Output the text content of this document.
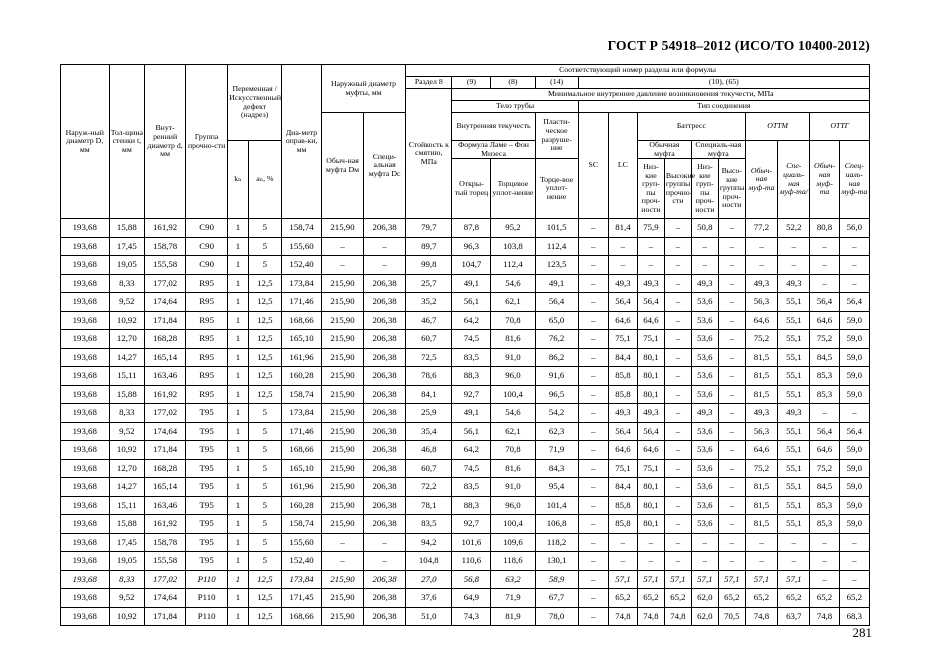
ГОСТ Р 54918–2012 (ИСО/ТО 10400-2012)
Наруж-ный диаметр D, мм	Тол-щина стенки t, мм	Внут-ренний диаметр d, мм	Группа прочно-сти	Переменная /Искусственный дефект (надрез)		Диа-метр оправ-ки, мм	Наружный диаметр муфты, мм		Соответствующий номер раздела или формулы													
									Раздел 8	(9)	(8)	(14)	(10), (65)									
									Стойкость к смятию, МПа	Минимальное внутреннее давление возникновения текучести, МПа												
										Тело трубы			Тип соединения									
							Обыч-ная муфта Dм	Специ-альная муфта Dс		Внутренняя текучесть		Пласти-ческое разруше-ние	SC	LC	Баттресс				ОТТМ		ОТТГ	
				kₙ	aₙ, %					Формула Ламе – Фон Мизеса					Обычная муфта		Специаль-ная муфта		Обыч-ная муф-та	Спе-циаль-ная муф-та/	Обыч-ная муф-та	Спец-иаль-ная муф-та
										Откры-тый торец	Торцевое уплот-нение	Торце-вое уплот-нение			Низ-кие груп-пы проч-ности	Высокие группы прочно-сти	Низ-кие груп-пы проч-ности	Высо-кие группы проч-ности				
193,68	15,88	161,92	C90	1	5	158,74	215,90	206,38	79,7	87,8	95,2	101,5	–	81,4	75,9	–	50,8	–	77,2	52,2	80,8	56,0
193,68	17,45	158,78	C90	1	5	155,60	–	–	89,7	96,3	103,8	112,4	–	–	–	–	–	–	–	–	–	–
193,68	19,05	155,58	C90	1	5	152,40	–	–	99,8	104,7	112,4	123,5	–	–	–	–	–	–	–	–	–	–
193,68	8,33	177,02	R95	1	12,5	173,84	215,90	206,38	25,7	49,1	54,6	49,1	–	49,3	49,3	–	49,3	–	49,3	49,3	–	–
193,68	9,52	174,64	R95	1	12,5	171,46	215,90	206,38	35,2	56,1	62,1	56,4	–	56,4	56,4	–	53,6	–	56,3	55,1	56,4	56,4
193,68	10,92	171,84	R95	1	12,5	168,66	215,90	206,38	46,7	64,2	70,8	65,0	–	64,6	64,6	–	53,6	–	64,6	55,1	64,6	59,0
193,68	12,70	168,28	R95	1	12,5	165,10	215,90	206,38	60,7	74,5	81,6	76,2	–	75,1	75,1	–	53,6	–	75,2	55,1	75,2	59,0
193,68	14,27	165,14	R95	1	12,5	161,96	215,90	206,38	72,5	83,5	91,0	86,2	–	84,4	80,1	–	53,6	–	81,5	55,1	84,5	59,0
193,68	15,11	163,46	R95	1	12,5	160,28	215,90	206,38	78,6	88,3	96,0	91,6	–	85,8	80,1	–	53,6	–	81,5	55,1	85,3	59,0
193,68	15,88	161,92	R95	1	12,5	158,74	215,90	206,38	84,1	92,7	100,4	96,5	–	85,8	80,1	–	53,6	–	81,5	55,1	85,3	59,0
193,68	8,33	177,02	T95	1	5	173,84	215,90	206,38	25,9	49,1	54,6	54,2	–	49,3	49,3	–	49,3	–	49,3	49,3	–	–
193,68	9,52	174,64	T95	1	5	171,46	215,90	206,38	35,4	56,1	62,1	62,3	–	56,4	56,4	–	53,6	–	56,3	55,1	56,4	56,4
193,68	10,92	171,84	T95	1	5	168,66	215,90	206,38	46,8	64,2	70,8	71,9	–	64,6	64,6	–	53,6	–	64,6	55,1	64,6	59,0
193,68	12,70	168,28	T95	1	5	165,10	215,90	206,38	60,7	74,5	81,6	84,3	–	75,1	75,1	–	53,6	–	75,2	55,1	75,2	59,0
193,68	14,27	165,14	T95	1	5	161,96	215,90	206,38	72,2	83,5	91,0	95,4	–	84,4	80,1	–	53,6	–	81,5	55,1	84,5	59,0
193,68	15,11	163,46	T95	1	5	160,28	215,90	206,38	78,1	88,3	96,0	101,4	–	85,8	80,1	–	53,6	–	81,5	55,1	85,3	59,0
193,68	15,88	161,92	T95	1	5	158,74	215,90	206,38	83,5	92,7	100,4	106,8	–	85,8	80,1	–	53,6	–	81,5	55,1	85,3	59,0
193,68	17,45	158,78	T95	1	5	155,60	–	–	94,2	101,6	109,6	118,2	–	–	–	–	–	–	–	–	–	–
193,68	19,05	155,58	T95	1	5	152,40	–	–	104,8	110,6	118,6	130,1	–	–	–	–	–	–	–	–	–	–
193,68	8,33	177,02	P110	1	12,5	173,84	215,90	206,38	27,0	56,8	63,2	58,9	–	57,1	57,1	57,1	57,1	57,1	57,1	57,1	–	–
193,68	9,52	174,64	P110	1	12,5	171,45	215,90	206,38	37,6	64,9	71,9	67,7	–	65,2	65,2	65,2	62,0	65,2	65,2	65,2	65,2	65,2
193,68	10,92	171,84	P110	1	12,5	168,66	215,90	206,38	51,0	74,3	81,9	78,0	–	74,8	74,8	74,8	62,0	70,5	74,8	63,7	74,8	68,3
281
